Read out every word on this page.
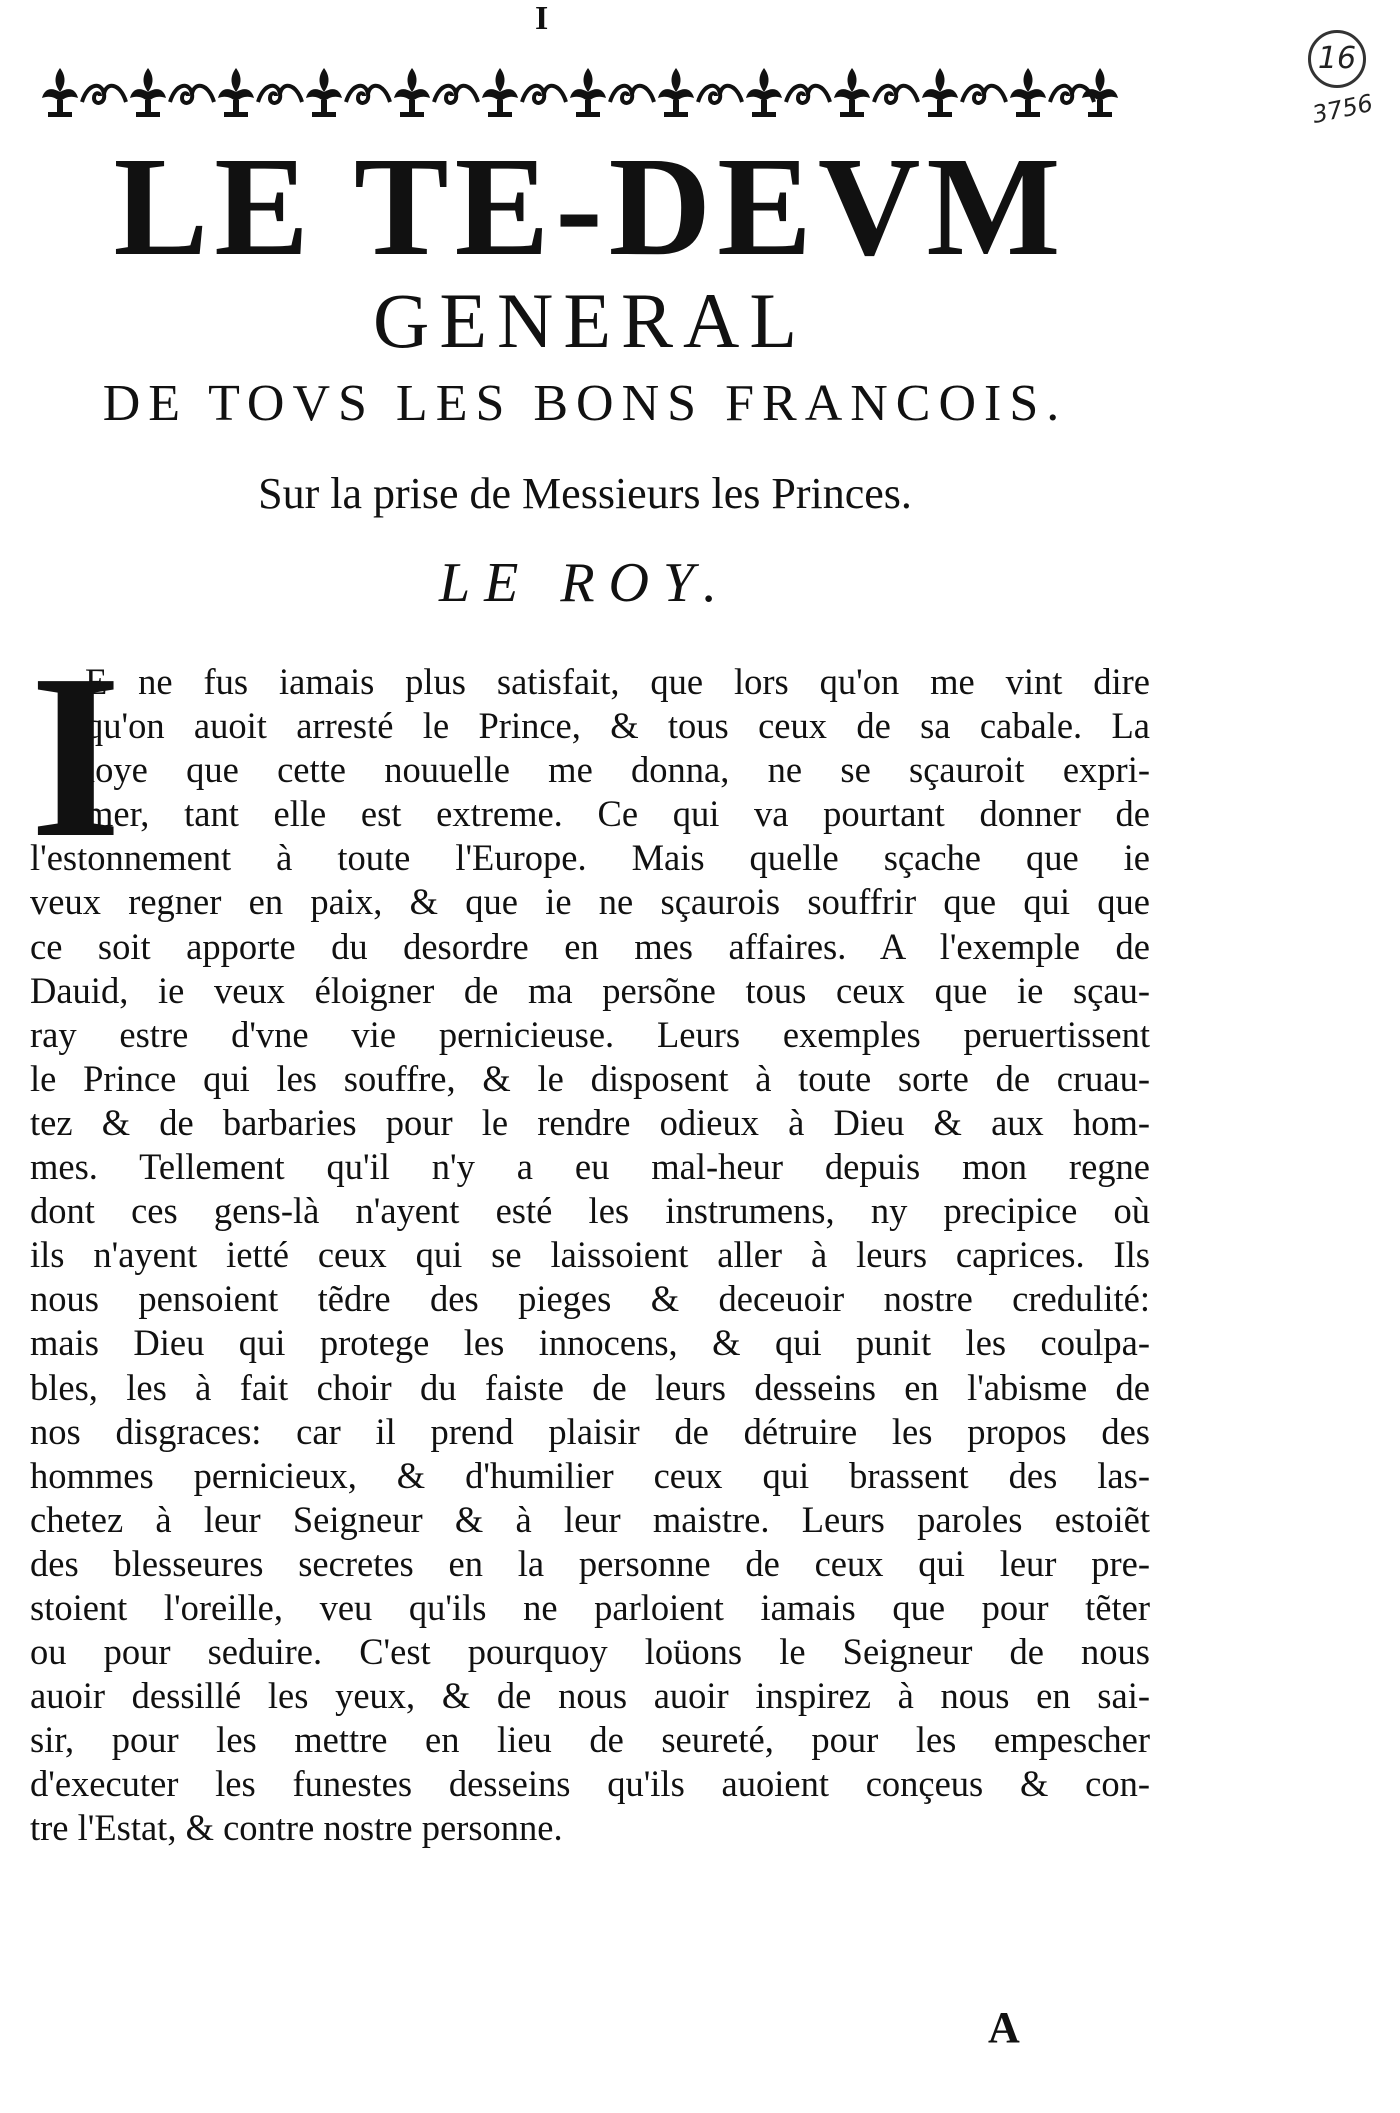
I
16
3756
LE TE-DEVM
GENERAL
DE TOVS LES BONS FRANCOIS.
Sur la prise de Messieurs les Princes.
LE ROY.
I
E ne fus iamais plus satisfait, que lors qu'on me vint dire
qu'on auoit arresté le Prince, & tous ceux de sa cabale. La
ioye que cette nouuelle me donna, ne se sçauroit expri-
mer, tant elle est extreme. Ce qui va pourtant donner de
l'estonnement à toute l'Europe. Mais quelle sçache que ie
veux regner en paix, & que ie ne sçaurois souffrir que qui que
ce soit apporte du desordre en mes affaires. A l'exemple de
Dauid, ie veux éloigner de ma persõne tous ceux que ie sçau-
ray estre d'vne vie pernicieuse. Leurs exemples peruertissent
le Prince qui les souffre, & le disposent à toute sorte de cruau-
tez & de barbaries pour le rendre odieux à Dieu & aux hom-
mes. Tellement qu'il n'y a eu mal-heur depuis mon regne
dont ces gens-là n'ayent esté les instrumens, ny precipice où
ils n'ayent ietté ceux qui se laissoient aller à leurs caprices. Ils
nous pensoient tẽdre des pieges & deceuoir nostre credulité:
mais Dieu qui protege les innocens, & qui punit les coulpa-
bles, les à fait choir du faiste de leurs desseins en l'abisme de
nos disgraces: car il prend plaisir de détruire les propos des
hommes pernicieux, & d'humilier ceux qui brassent des las-
chetez à leur Seigneur & à leur maistre. Leurs paroles estoiẽt
des blesseures secretes en la personne de ceux qui leur pre-
stoient l'oreille, veu qu'ils ne parloient iamais que pour tẽter
ou pour seduire. C'est pourquoy loüons le Seigneur de nous
auoir dessillé les yeux, & de nous auoir inspirez à nous en sai-
sir, pour les mettre en lieu de seureté, pour les empescher
d'executer les funestes desseins qu'ils auoient conçeus & con-
tre l'Estat, & contre nostre personne.
A
